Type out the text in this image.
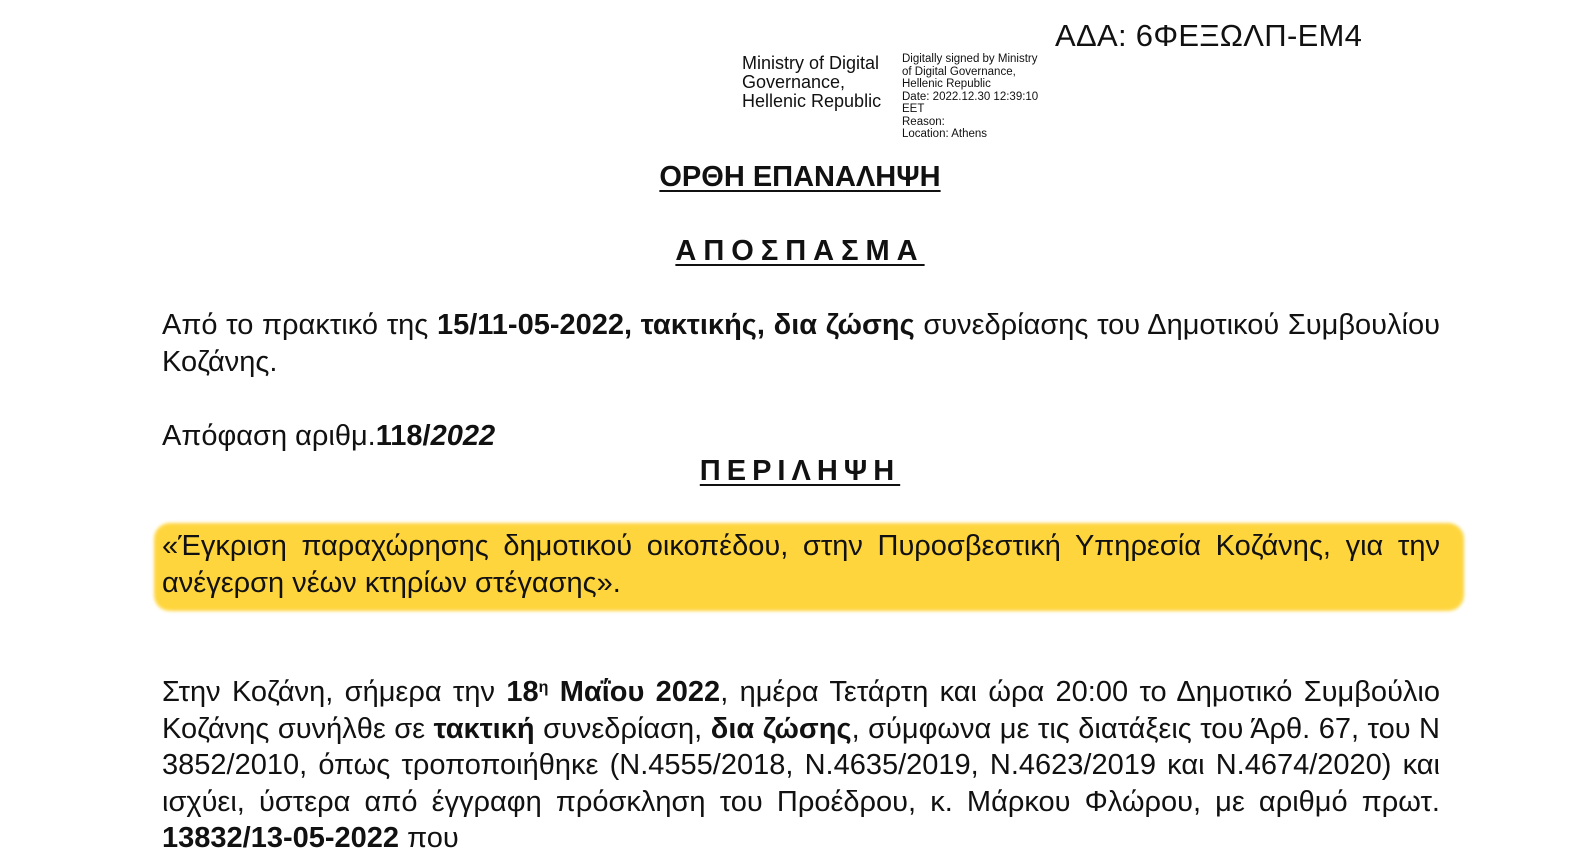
ΑΔΑ: 6ΦΕΞΩΛΠ-ΕΜ4
Ministry of Digital
Governance,
Hellenic Republic
Digitally signed by Ministry
of Digital Governance,
Hellenic Republic
Date: 2022.12.30 12:39:10
EET
Reason:
Location: Athens
ΟΡΘΗ ΕΠΑΝΑΛΗΨΗ
ΑΠΟΣΠΑΣΜΑ
Από το πρακτικό της 15/11-05-2022, τακτικής, δια ζώσης συνεδρίασης του Δημοτικού Συμβουλίου Κοζάνης.
Απόφαση αριθμ.118/2022
ΠΕΡΙΛΗΨΗ
«Έγκριση παραχώρησης δημοτικού οικοπέδου, στην Πυροσβεστική Υπηρεσία Κοζάνης, για την ανέγερση νέων κτηρίων στέγασης».
Στην Κοζάνη, σήμερα την $18^\eta$ Μαΐου 2022, ημέρα Τετάρτη και ώρα 20:00 το Δημοτικό Συμβούλιο Κοζάνης συνήλθε σε τακτική συνεδρίαση, δια ζώσης, σύμφωνα με τις διατάξεις του Άρθ. 67, του Ν 3852/2010, όπως τροποποιήθηκε (Ν.4555/2018, Ν.4635/2019, Ν.4623/2019 και Ν.4674/2020) και ισχύει, ύστερα από έγγραφη πρόσκληση του Προέδρου, κ. Μάρκου Φλώρου, με αριθμό πρωτ. 13832/13-05-2022 που
